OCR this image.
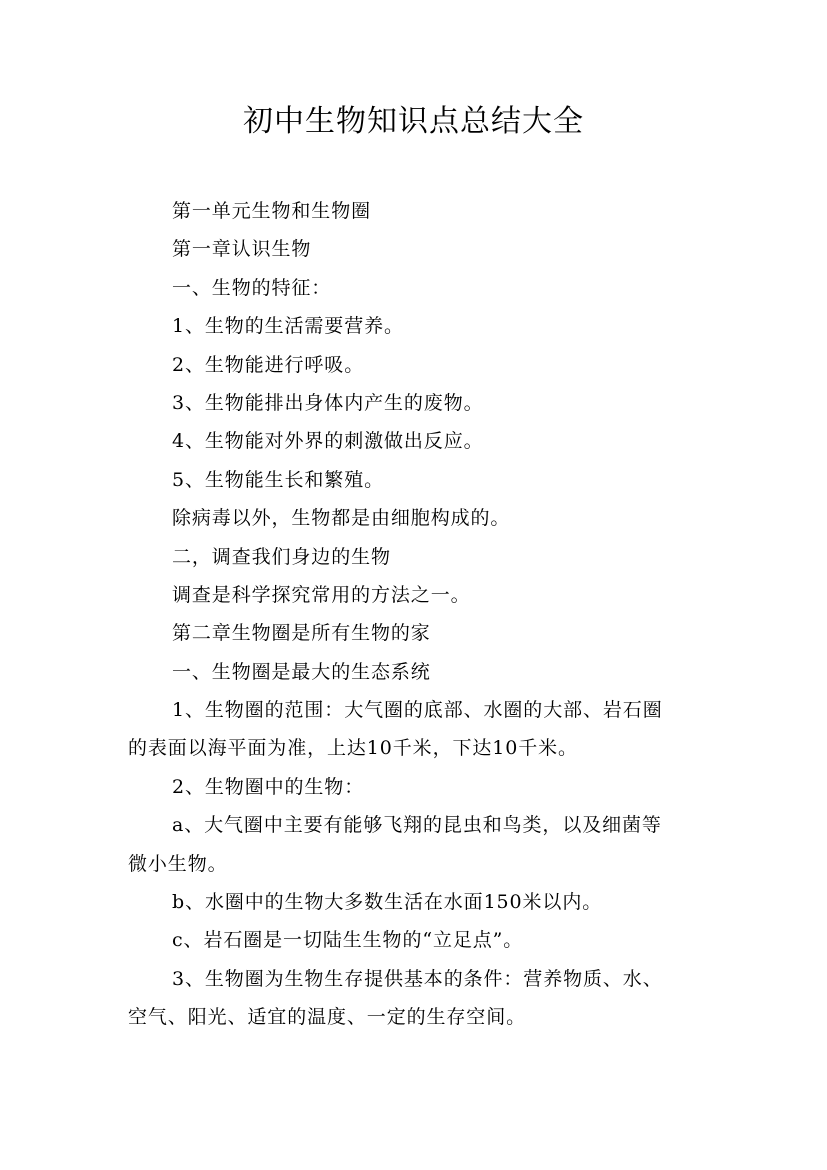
初中生物知识点总结大全
第一单元生物和生物圈
第一章认识生物
一、生物的特征：
1、生物的生活需要营养。
2、生物能进行呼吸。
3、生物能排出身体内产生的废物。
4、生物能对外界的刺激做出反应。
5、生物能生长和繁殖。
除病毒以外，生物都是由细胞构成的。
二，调查我们身边的生物
调查是科学探究常用的方法之一。
第二章生物圈是所有生物的家
一、生物圈是最大的生态系统
1、生物圈的范围：大气圈的底部、水圈的大部、岩石圈的表面以海平面为准，上达10千米，下达10千米。
2、生物圈中的生物：
a、大气圈中主要有能够飞翔的昆虫和鸟类，以及细菌等微小生物。
b、水圈中的生物大多数生活在水面150米以内。
c、岩石圈是一切陆生生物的“立足点”。
3、生物圈为生物生存提供基本的条件：营养物质、水、空气、阳光、适宜的温度、一定的生存空间。
